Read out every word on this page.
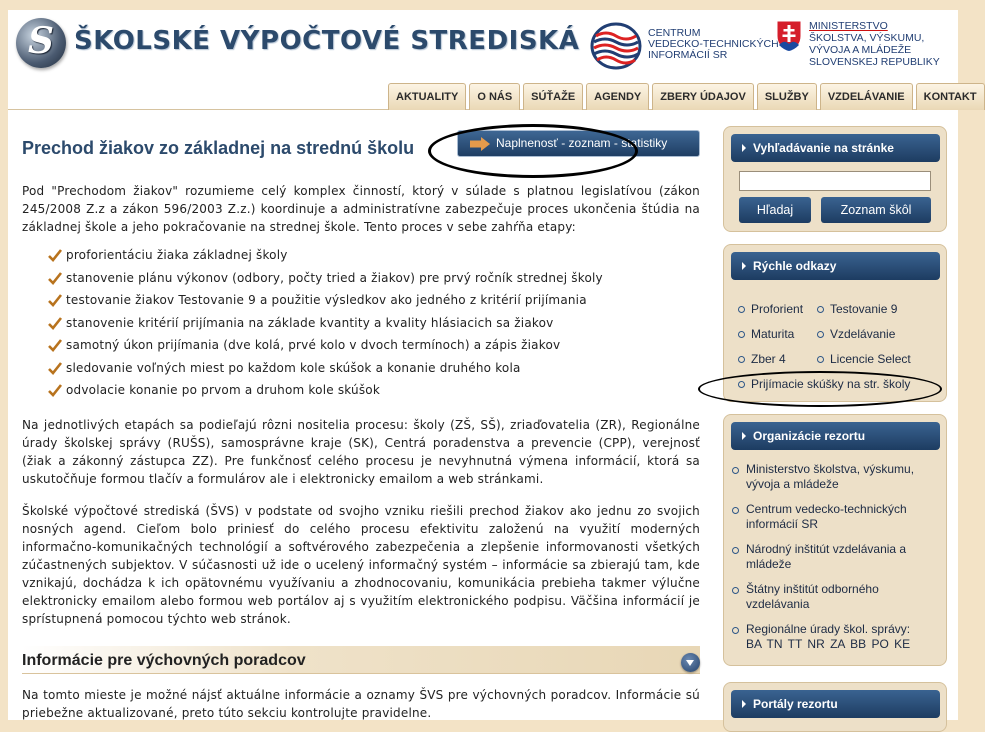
S ŠKOLSKÉ VÝPOČTOVÉ STREDISKÁ	CENTRUM
VEDECKO-TECHNICKÝCH
INFORMÁCIÍ SR
MINISTERSTVO
ŠKOLSTVA, VÝSKUMU,
VÝVOJA A MLÁDEŽE
SLOVENSKEJ REPUBLIKY
AKTUALITY	O NÁS	SÚŤAŽE	AGENDY	ZBERY ÚDAJOV	SLUŽBY	VZDELÁVANIE	KONTAKT
Prechod žiakov zo základnej na strednú školu	Naplnenosť - zoznam - štatistiky

Pod "Prechodom žiakov" rozumieme celý komplex činností, ktorý v súlade s platnou legislatívou (zákon 245/2008 Z.z a zákon 596/2003 Z.z.) koordinuje a administratívne zabezpečuje proces ukončenia štúdia na základnej škole a jeho pokračovanie na strednej škole. Tento proces v sebe zahŕňa etapy:

proforientáciu žiaka základnej školy
stanovenie plánu výkonov (odbory, počty tried a žiakov) pre prvý ročník strednej školy
testovanie žiakov Testovanie 9 a použitie výsledkov ako jedného z kritérií prijímania
stanovenie kritérií prijímania na základe kvantity a kvality hlásiacich sa žiakov
samotný úkon prijímania (dve kolá, prvé kolo v dvoch termínoch) a zápis žiakov
sledovanie voľných miest po každom kole skúšok a konanie druhého kola
odvolacie konanie po prvom a druhom kole skúšok

Na jednotlivých etapách sa podieľajú rôzni nositelia procesu: školy (ZŠ, SŠ), zriaďovatelia (ZR), Regionálne úrady školskej správy (RUŠS), samosprávne kraje (SK), Centrá poradenstva a prevencie (CPP), verejnosť (žiak a zákonný zástupca ZZ). Pre funkčnosť celého procesu je nevyhnutná výmena informácií, ktorá sa uskutočňuje formou tlačív a formulárov ale i elektronicky emailom a web stránkami.

Školské výpočtové strediská (ŠVS) v podstate od svojho vzniku riešili prechod žiakov ako jednu zo svojich nosných agend. Cieľom bolo priniesť do celého procesu efektivitu založenú na využití moderných informačno-komunikačných technológií a softvérového zabezpečenia a zlepšenie informovanosti všetkých zúčastnených subjektov. V súčasnosti už ide o ucelený informačný systém – informácie sa zbierajú tam, kde vznikajú, dochádza k ich opätovnému využívaniu a zhodnocovaniu, komunikácia prebieha takmer výlučne elektronicky emailom alebo formou web portálov aj s využitím elektronického podpisu. Väčšina informácií je sprístupnená pomocou týchto web stránok.

Informácie pre výchovných poradcov

Na tomto mieste je možné nájsť aktuálne informácie a oznamy ŠVS pre výchovných poradcov. Informácie sú priebežne aktualizované, preto túto sekciu kontrolujte pravidelne.

Vyhľadávanie na stránke
Hľadaj	Zoznam škôl
Rýchle odkazy
Proforient	Testovanie 9
Maturita	Vzdelávanie
Zber 4	Licencie Select
Prijímacie skúšky na str. školy
Organizácie rezortu
Ministerstvo školstva, výskumu, vývoja a mládeže
Centrum vedecko-technických informácií SR
Národný inštitút vzdelávania a mládeže
Štátny inštitút odborného vzdelávania
Regionálne úrady škol. správy:
BA TN TT NR ZA BB PO KE
Portály rezortu
